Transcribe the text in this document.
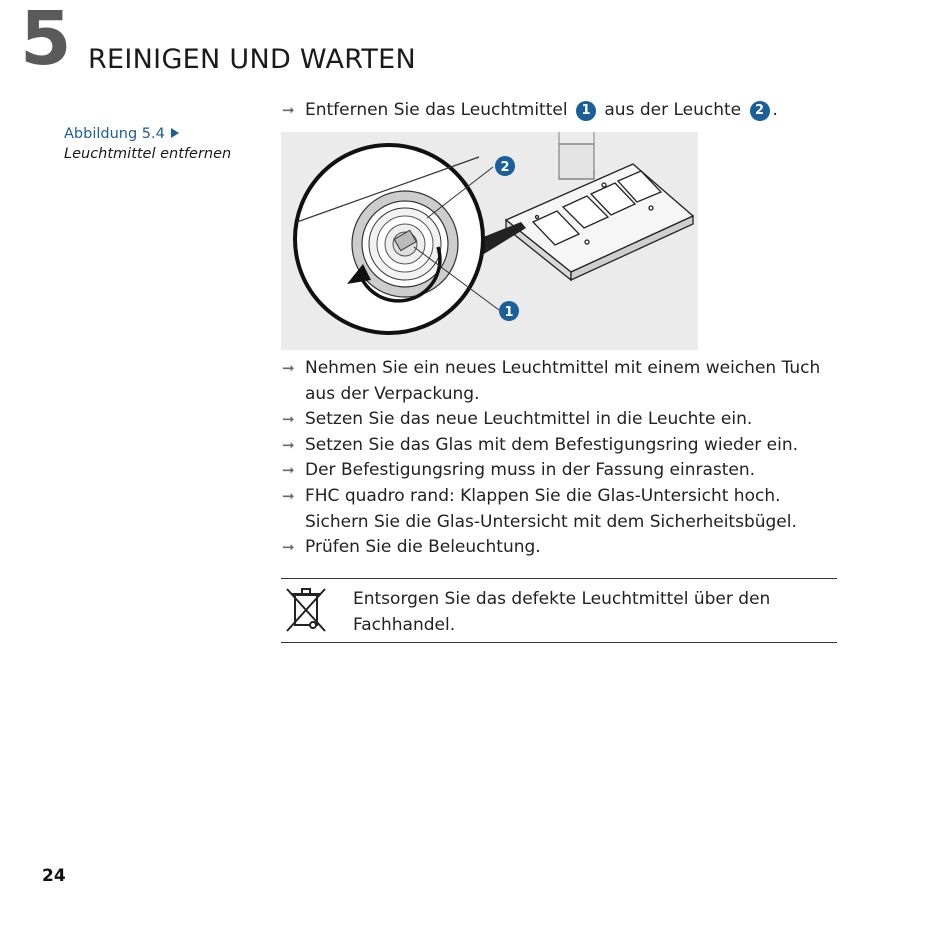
5 REINIGEN UND WARTEN
Abbildung 5.4
Leuchtmittel entfernen
➞ Entfernen Sie das Leuchtmittel 1 aus der Leuchte 2 .
2
1
➞ Nehmen Sie ein neues Leuchtmittel mit einem weichen Tuch aus der Verpackung.
➞ Setzen Sie das neue Leuchtmittel in die Leuchte ein.
➞ Setzen Sie das Glas mit dem Befestigungsring wieder ein.
➞ Der Befestigungsring muss in der Fassung einrasten.
➞ FHC quadro rand: Klappen Sie die Glas-Untersicht hoch. Sichern Sie die Glas-Untersicht mit dem Sicherheitsbügel.
➞ Prüfen Sie die Beleuchtung.
Entsorgen Sie das defekte Leuchtmittel über den Fachhandel.
24
